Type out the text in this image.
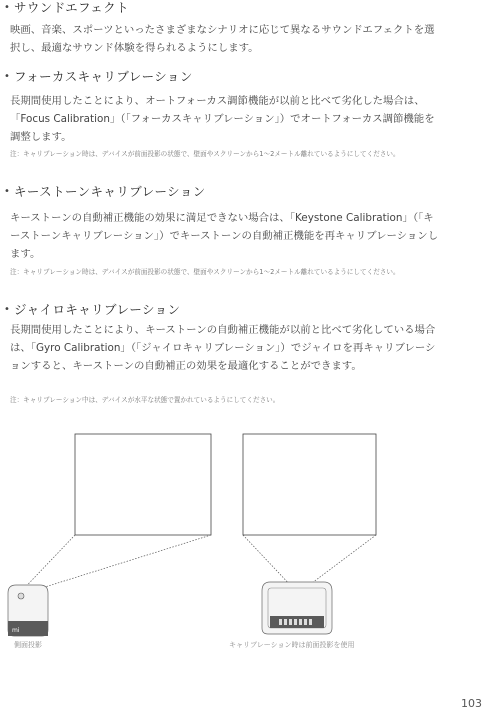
• サウンドエフェクト
映画、音楽、スポーツといったさまざまなシナリオに応じて異なるサウンドエフェクトを選択し、最適なサウンド体験を得られるようにします。
• フォーカスキャリブレーション
長期間使用したことにより、オートフォーカス調節機能が以前と比べて劣化した場合は、「Focus Calibration」（「フォーカスキャリブレーション」）でオートフォーカス調節機能を調整します。
注：キャリブレーション時は、デバイスが前面投影の状態で、壁面やスクリーンから1〜2メートル離れているようにしてください。
• キーストーンキャリブレーション
キーストーンの自動補正機能の効果に満足できない場合は、「Keystone Calibration」（「キーストーンキャリブレーション」）でキーストーンの自動補正機能を再キャリブレーションします。
注：キャリブレーション時は、デバイスが前面投影の状態で、壁面やスクリーンから1〜2メートル離れているようにしてください。
• ジャイロキャリブレーション
長期間使用したことにより、キーストーンの自動補正機能が以前と比べて劣化している場合は、「Gyro Calibration」（「ジャイロキャリブレーション」）でジャイロを再キャリブレーションすると、キーストーンの自動補正の効果を最適化することができます。
注：キャリブレーション中は、デバイスが水平な状態で置かれているようにしてください。
mi
側面投影	キャリブレーション時は前面投影を使用
103
